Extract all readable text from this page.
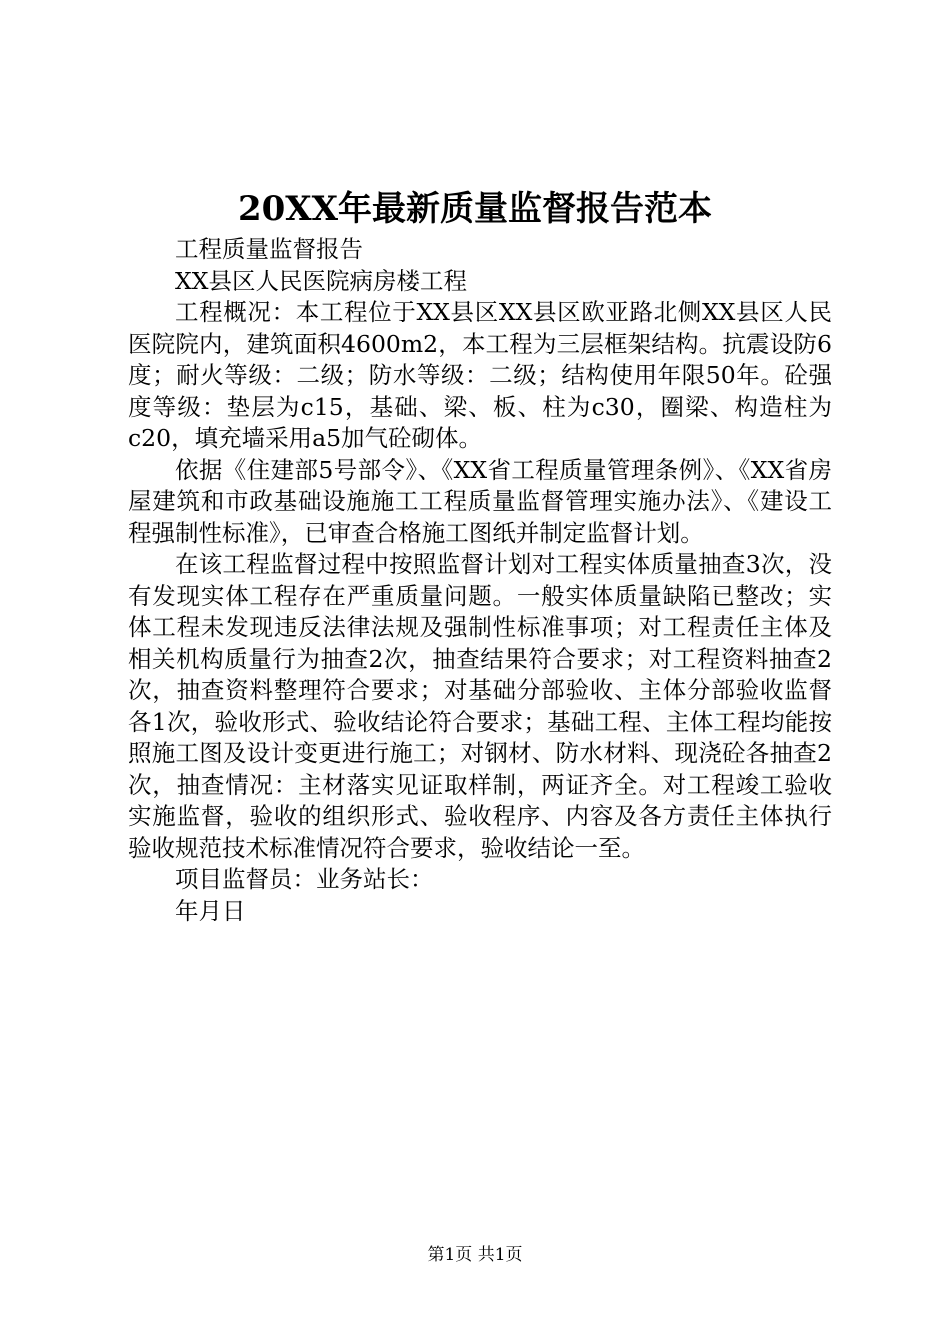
20XX年最新质量监督报告范本

工程质量监督报告

XX县区人民医院病房楼工程

工程概况：本工程位于XX县区XX县区欧亚路北侧XX县区人民医院院内，建筑面积4600m2，本工程为三层框架结构。抗震设防6度；耐火等级：二级；防水等级：二级；结构使用年限50年。砼强度等级：垫层为c15，基础、梁、板、柱为c30，圈梁、构造柱为c20，填充墙采用a5加气砼砌体。

依据《住建部5号部令》、《XX省工程质量管理条例》、《XX省房屋建筑和市政基础设施施工工程质量监督管理实施办法》、《建设工程强制性标准》，已审查合格施工图纸并制定监督计划。

在该工程监督过程中按照监督计划对工程实体质量抽查3次，没有发现实体工程存在严重质量问题。一般实体质量缺陷已整改；实体工程未发现违反法律法规及强制性标准事项；对工程责任主体及相关机构质量行为抽查2次，抽查结果符合要求；对工程资料抽查2次，抽查资料整理符合要求；对基础分部验收、主体分部验收监督各1次，验收形式、验收结论符合要求；基础工程、主体工程均能按照施工图及设计变更进行施工；对钢材、防水材料、现浇砼各抽查2次，抽查情况：主材落实见证取样制，两证齐全。对工程竣工验收实施监督，验收的组织形式、验收程序、内容及各方责任主体执行验收规范技术标准情况符合要求，验收结论一至。

项目监督员：业务站长：

年月日

第1页 共1页
